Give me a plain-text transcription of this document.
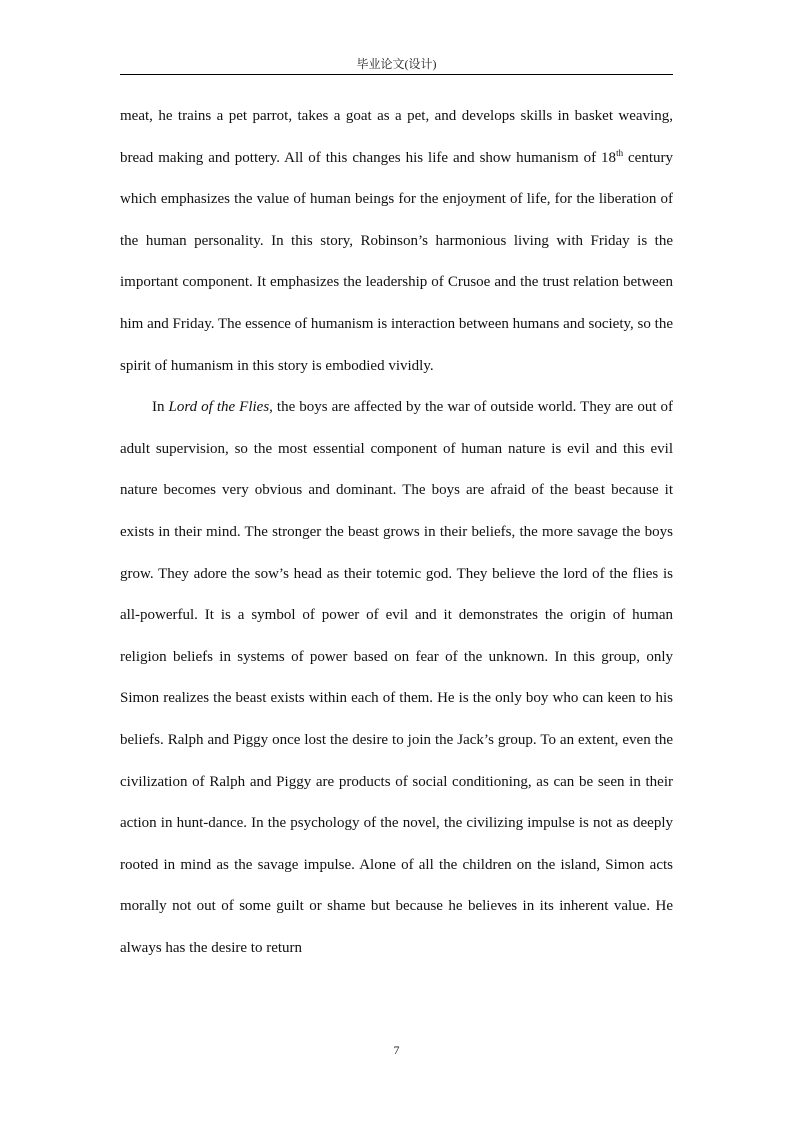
毕业论文(设计)

meat, he trains a pet parrot, takes a goat as a pet, and develops skills in basket weaving, bread making and pottery. All of this changes his life and show humanism of 18th century which emphasizes the value of human beings for the enjoyment of life, for the liberation of the human personality. In this story, Robinson’s harmonious living with Friday is the important component. It emphasizes the leadership of Crusoe and the trust relation between him and Friday. The essence of humanism is interaction between humans and society, so the spirit of humanism in this story is embodied vividly.

In Lord of the Flies, the boys are affected by the war of outside world. They are out of adult supervision, so the most essential component of human nature is evil and this evil nature becomes very obvious and dominant. The boys are afraid of the beast because it exists in their mind. The stronger the beast grows in their beliefs, the more savage the boys grow. They adore the sow’s head as their totemic god. They believe the lord of the flies is all-powerful. It is a symbol of power of evil and it demonstrates the origin of human religion beliefs in systems of power based on fear of the unknown. In this group, only Simon realizes the beast exists within each of them. He is the only boy who can keen to his beliefs. Ralph and Piggy once lost the desire to join the Jack’s group. To an extent, even the civilization of Ralph and Piggy are products of social conditioning, as can be seen in their action in hunt-dance. In the psychology of the novel, the civilizing impulse is not as deeply rooted in mind as the savage impulse. Alone of all the children on the island, Simon acts morally not out of some guilt or shame but because he believes in its inherent value. He always has the desire to return

7
